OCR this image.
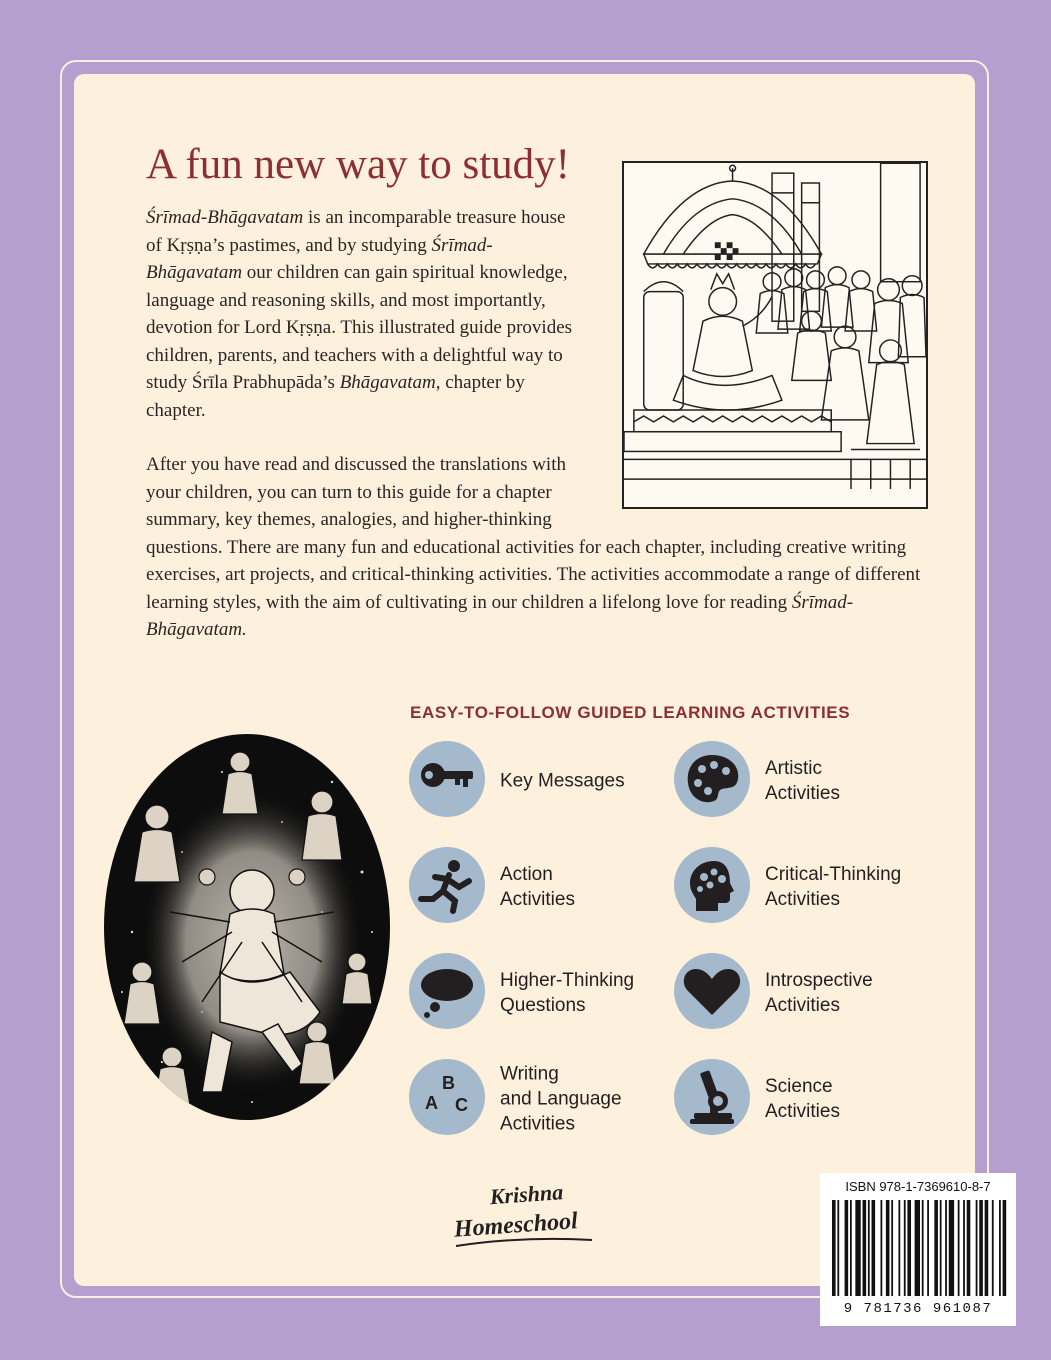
A fun new way to study!

Śrīmad-Bhāgavatam is an incomparable treasure house of Kṛṣṇa’s pastimes, and by studying Śrīmad-Bhāgavatam our children can gain spiritual knowledge, language and reasoning skills, and most importantly, devotion for Lord Kṛṣṇa. This illustrated guide provides children, parents, and teachers with a delightful way to study Śrīla Prabhupāda’s Bhāgavatam, chapter by chapter.

After you have read and discussed the translations with your children, you can turn to this guide for a chapter summary, key themes, analogies, and higher-thinking questions. There are many fun and educational activities for each chapter, including creative writing exercises, art projects, and critical-thinking activities. The activities accommodate a range of different learning styles, with the aim of cultivating in our children a lifelong love for reading Śrīmad-Bhāgavatam.

EASY-TO-FOLLOW GUIDED LEARNING ACTIVITIES
Key Messages
Artistic
Activities
Action
Activities
Critical-Thinking
Activities
Higher-Thinking
Questions
Introspective
Activities
B
A C
Writing
and Language
Activities
Science
Activities
Krishna
Homeschool
ISBN 978-1-7369610-8-7
9 781736 961087
